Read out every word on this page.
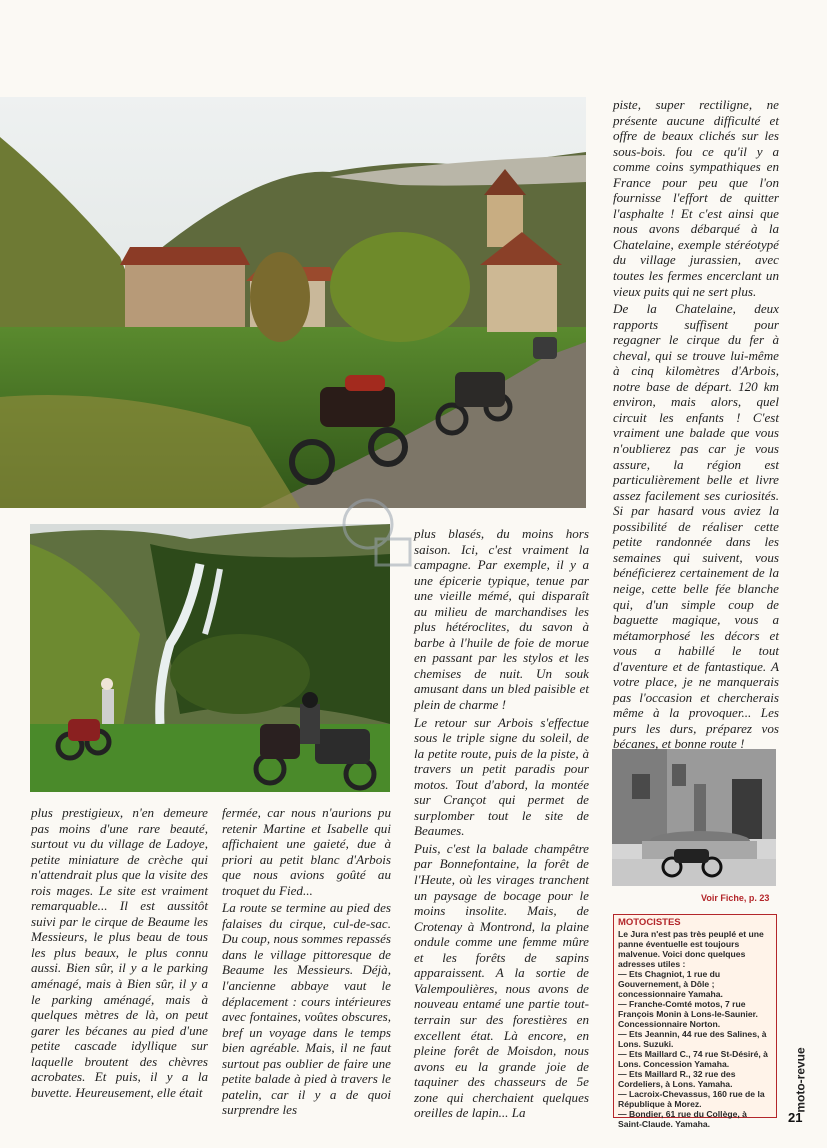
piste, super rectiligne, ne présente aucune difficulté et offre de beaux clichés sur les sous-bois. fou ce qu'il y a comme coins sympathiques en France pour peu que l'on fournisse l'effort de quitter l'asphalte ! Et c'est ainsi que nous avons débarqué à la Chatelaine, exemple stéréotypé du village jurassien, avec toutes les fermes encerclant un vieux puits qui ne sert plus.

De la Chatelaine, deux rapports suffisent pour regagner le cirque du fer à cheval, qui se trouve lui-même à cinq kilomètres d'Arbois, notre base de départ. 120 km environ, mais alors, quel circuit les enfants ! C'est vraiment une balade que vous n'oublierez pas car je vous assure, la région est particulièrement belle et livre assez facilement ses curiosités. Si par hasard vous aviez la possibilité de réaliser cette petite randonnée dans les semaines qui suivent, vous bénéficierez certainement de la neige, cette belle fée blanche qui, d'un simple coup de baguette magique, vous a métamorphosé les décors et vous a habillé le tout d'aventure et de fantastique. A votre place, je ne manquerais pas l'occasion et chercherais même à la provoquer... Les purs les durs, préparez vos bécanes, et bonne route !

plus blasés, du moins hors saison. Ici, c'est vraiment la campagne. Par exemple, il y a une épicerie typique, tenue par une vieille mémé, qui disparaît au milieu de marchandises les plus hétéroclites, du savon à barbe à l'huile de foie de morue en passant par les stylos et les chemises de nuit. Un souk amusant dans un bled paisible et plein de charme !

Le retour sur Arbois s'effectue sous le triple signe du soleil, de la petite route, puis de la piste, à travers un petit paradis pour motos. Tout d'abord, la montée sur Crançot qui permet de surplomber tout le site de Beaumes.

Puis, c'est la balade champêtre par Bonnefontaine, la forêt de l'Heute, où les virages tranchent un paysage de bocage pour le moins insolite. Mais, de Crotenay à Montrond, la plaine ondule comme une femme mûre et les forêts de sapins apparaissent. A la sortie de Valempoulières, nous avons de nouveau entamé une partie tout-terrain sur des forestières en excellent état. Là encore, en pleine forêt de Moisdon, nous avons eu la grande joie de taquiner des chasseurs de 5e zone qui cherchaient quelques oreilles de lapin... La

plus prestigieux, n'en demeure pas moins d'une rare beauté, surtout vu du village de Ladoye, petite miniature de crèche qui n'attendrait plus que la visite des rois mages. Le site est vraiment remarquable... Il est aussitôt suivi par le cirque de Beaume les Messieurs, le plus beau de tous les plus beaux, le plus connu aussi. Bien sûr, il y a le parking aménagé, mais à Bien sûr, il y a le parking aménagé, mais à quelques mètres de là, on peut garer les bécanes au pied d'une petite cascade idyllique sur laquelle broutent des chèvres acrobates. Et puis, il y a la buvette. Heureusement, elle était

fermée, car nous n'aurions pu retenir Martine et Isabelle qui affichaient une gaieté, due à priori au petit blanc d'Arbois que nous avions goûté au troquet du Fied...

La route se termine au pied des falaises du cirque, cul-de-sac. Du coup, nous sommes repassés dans le village pittoresque de Beaume les Messieurs. Déjà, l'ancienne abbaye vaut le déplacement : cours intérieures avec fontaines, voûtes obscures, bref un voyage dans le temps bien agréable. Mais, il ne faut surtout pas oublier de faire une petite balade à pied à travers le patelin, car il y a de quoi surprendre les

Voir Fiche, p. 23
MOTOCISTES

Le Jura n'est pas très peuplé et une panne éventuelle est toujours malvenue. Voici donc quelques adresses utiles :

— Ets Chagniot, 1 rue du Gouvernement, à Dôle ; concessionnaire Yamaha.

— Franche-Comté motos, 7 rue François Monin à Lons-le-Saunier. Concessionnaire Norton.

— Ets Jeannin, 44 rue des Salines, à Lons. Suzuki.

— Ets Maillard C., 74 rue St-Désiré, à Lons. Concession Yamaha.

— Ets Maillard R., 32 rue des Cordeliers, à Lons. Yamaha.

— Lacroix-Chevassus, 160 rue de la République à Morez.

— Bondier, 61 rue du Collège, à Saint-Claude. Yamaha.

moto-revue
21
